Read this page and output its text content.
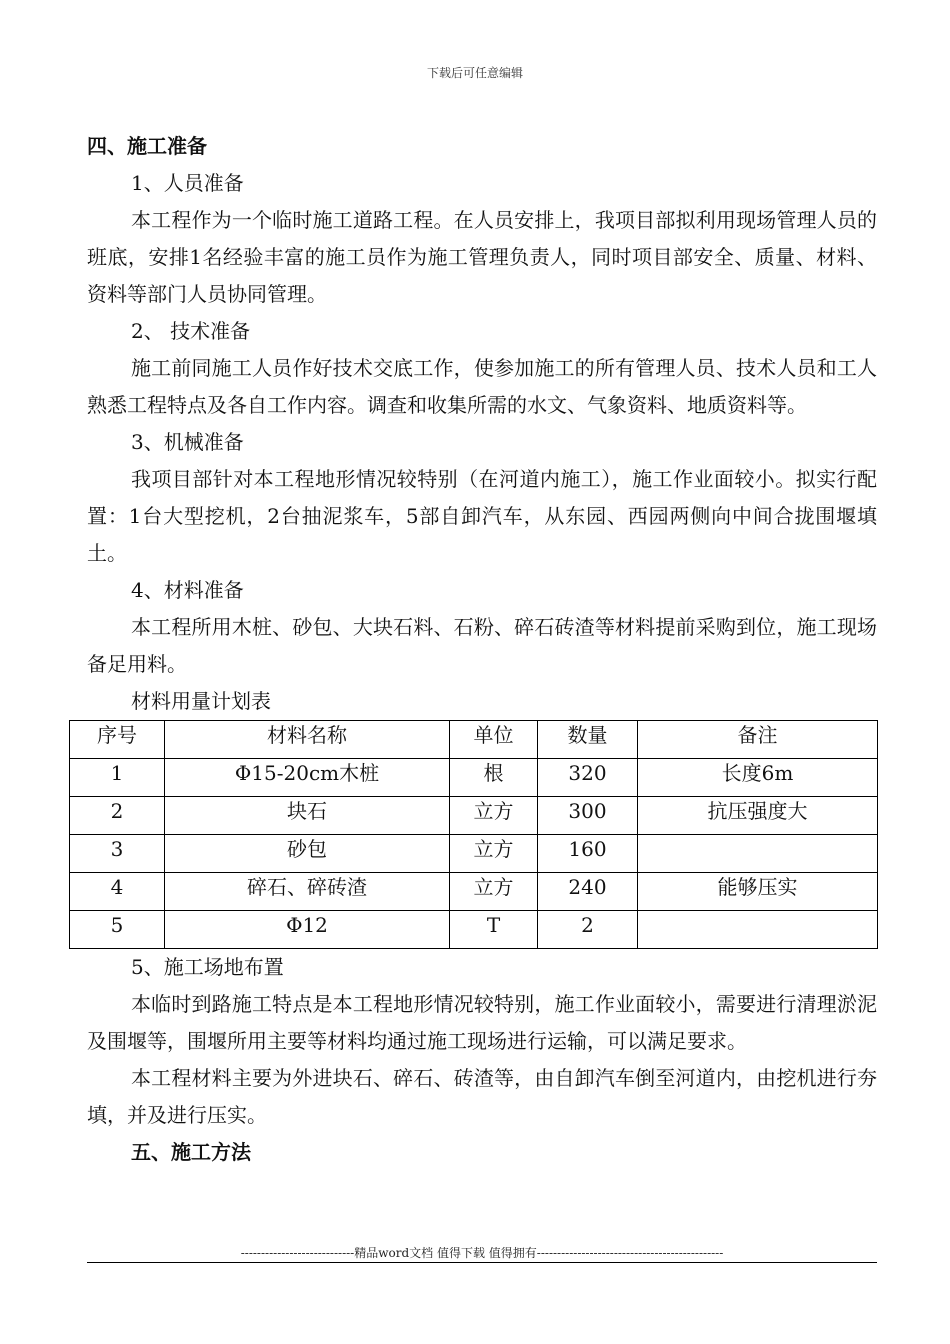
下载后可任意编辑

四、施工准备

1、人员准备

本工程作为一个临时施工道路工程。在人员安排上，我项目部拟利用现场管理人员的班底，安排1名经验丰富的施工员作为施工管理负责人，同时项目部安全、质量、材料、资料等部门人员协同管理。

2、 技术准备

施工前同施工人员作好技术交底工作，使参加施工的所有管理人员、技术人员和工人熟悉工程特点及各自工作内容。调查和收集所需的水文、气象资料、地质资料等。

3、机械准备

我项目部针对本工程地形情况较特别（在河道内施工），施工作业面较小。拟实行配置：1台大型挖机，2台抽泥浆车，5部自卸汽车，从东园、西园两侧向中间合拢围堰填土。

4、材料准备

本工程所用木桩、砂包、大块石料、石粉、碎石砖渣等材料提前采购到位，施工现场备足用料。

材料用量计划表

序号	材料名称	单位	数量	备注
1	Φ15-20cm木桩	根	320	长度6m
2	块石	立方	300	抗压强度大
3	砂包	立方	160	
4	碎石、碎砖渣	立方	240	能够压实
5	Φ12	T	2	

5、施工场地布置

本临时到路施工特点是本工程地形情况较特别，施工作业面较小，需要进行清理淤泥及围堰等，围堰所用主要等材料均通过施工现场进行运输，可以满足要求。

本工程材料主要为外进块石、碎石、砖渣等，由自卸汽车倒至河道内，由挖机进行夯填，并及进行压实。

五、施工方法

----------------------------精品word文档 值得下载 值得拥有----------------------------------------------
